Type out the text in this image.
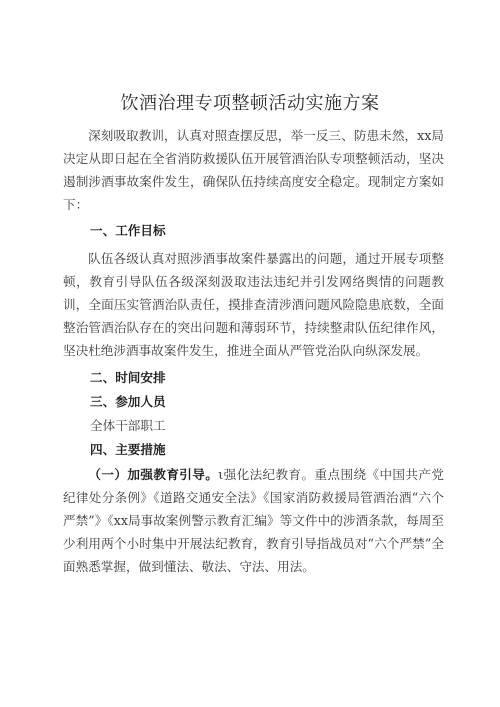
饮酒治理专项整顿活动实施方案

深刻吸取教训，认真对照查摆反思，举一反三、防患未然，xx局决定从即日起在全省消防救援队伍开展管酒治队专项整顿活动，坚决遏制涉酒事故案件发生，确保队伍持续高度安全稳定。现制定方案如下：

一、工作目标

队伍各级认真对照涉酒事故案件暴露出的问题，通过开展专项整顿，教育引导队伍各级深刻汲取违法违纪并引发网络舆情的问题教训，全面压实管酒治队责任，摸排查清涉酒问题风险隐患底数，全面整治管酒治队存在的突出问题和薄弱环节，持续整肃队伍纪律作风，坚决杜绝涉酒事故案件发生，推进全面从严管党治队向纵深发展。

二、时间安排

三、参加人员

全体干部职工

四、主要措施

（一）加强教育引导。ι强化法纪教育。重点围绕《中国共产党纪律处分条例》《道路交通安全法》《国家消防救援局管酒治酒“六个严禁”》《xx局事故案例警示教育汇编》等文件中的涉酒条款，每周至少利用两个小时集中开展法纪教育，教育引导指战员对“六个严禁”全面熟悉掌握，做到懂法、敬法、守法、用法。
